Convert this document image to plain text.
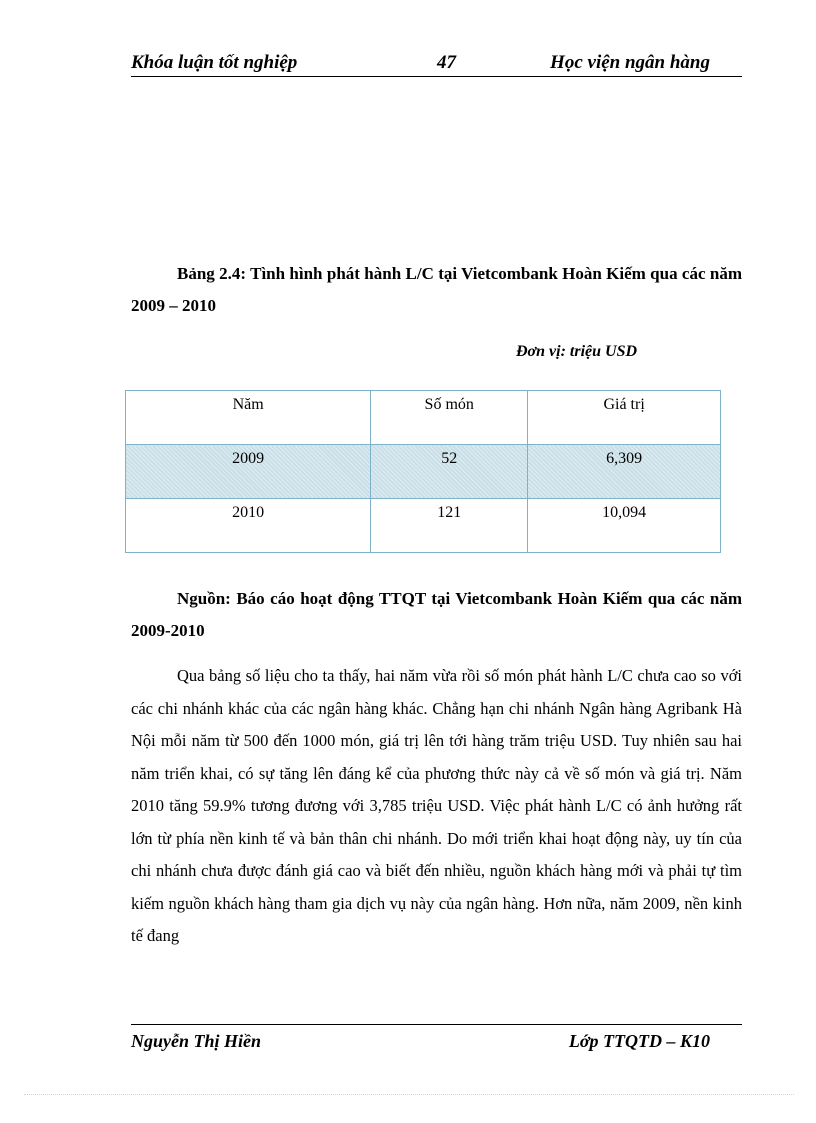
Khóa luận tốt nghiệp	47	Học viện ngân hàng
Bảng 2.4: Tình hình phát hành L/C tại Vietcombank Hoàn Kiếm qua các năm 2009 – 2010
Đơn vị: triệu USD
Năm	Số món	Giá trị
2009	52	6,309
2010	121	10,094
Nguồn: Báo cáo hoạt động TTQT tại Vietcombank Hoàn Kiếm qua các năm 2009-2010
Qua bảng số liệu cho ta thấy, hai năm vừa rồi số món phát hành L/C chưa cao so với các chi nhánh khác của các ngân hàng khác. Chẳng hạn chi nhánh Ngân hàng Agribank Hà Nội mỗi năm từ 500 đến 1000 món, giá trị lên tới hàng trăm triệu USD. Tuy nhiên sau hai năm triển khai, có sự tăng lên đáng kể của phương thức này cả về số món và giá trị. Năm 2010 tăng 59.9% tương đương với 3,785 triệu USD. Việc phát hành L/C có ảnh hưởng rất lớn từ phía nền kinh tế và bản thân chi nhánh. Do mới triển khai hoạt động này, uy tín của chi nhánh chưa được đánh giá cao và biết đến nhiều, nguồn khách hàng mới và phải tự tìm kiếm nguồn khách hàng tham gia dịch vụ này của ngân hàng. Hơn nữa, năm 2009, nền kinh tế đang
Nguyễn Thị Hiền	Lớp TTQTD – K10
